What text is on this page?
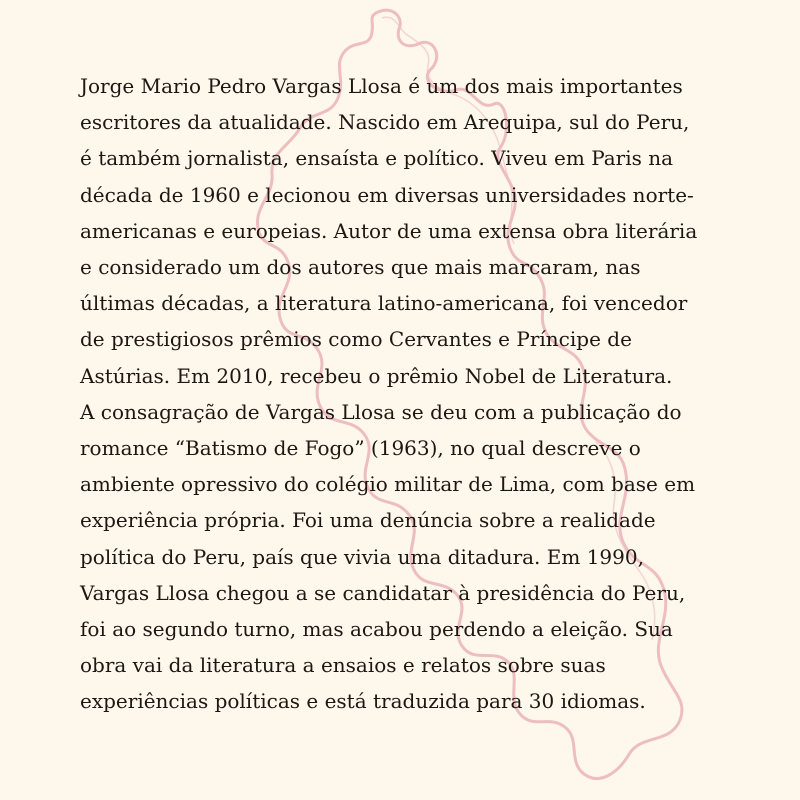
Jorge Mario Pedro Vargas Llosa é um dos mais importantes
escritores da atualidade. Nascido em Arequipa, sul do Peru,
é também jornalista, ensaísta e político. Viveu em Paris na
década de 1960 e lecionou em diversas universidades norte-
americanas e europeias. Autor de uma extensa obra literária
e considerado um dos autores que mais marcaram, nas
últimas décadas, a literatura latino-americana, foi vencedor
de prestigiosos prêmios como Cervantes e Príncipe de
Astúrias. Em 2010, recebeu o prêmio Nobel de Literatura.
A consagração de Vargas Llosa se deu com a publicação do
romance “Batismo de Fogo” (1963), no qual descreve o
ambiente opressivo do colégio militar de Lima, com base em
experiência própria. Foi uma denúncia sobre a realidade
política do Peru, país que vivia uma ditadura. Em 1990,
Vargas Llosa chegou a se candidatar à presidência do Peru,
foi ao segundo turno, mas acabou perdendo a eleição. Sua
obra vai da literatura a ensaios e relatos sobre suas
experiências políticas e está traduzida para 30 idiomas.
